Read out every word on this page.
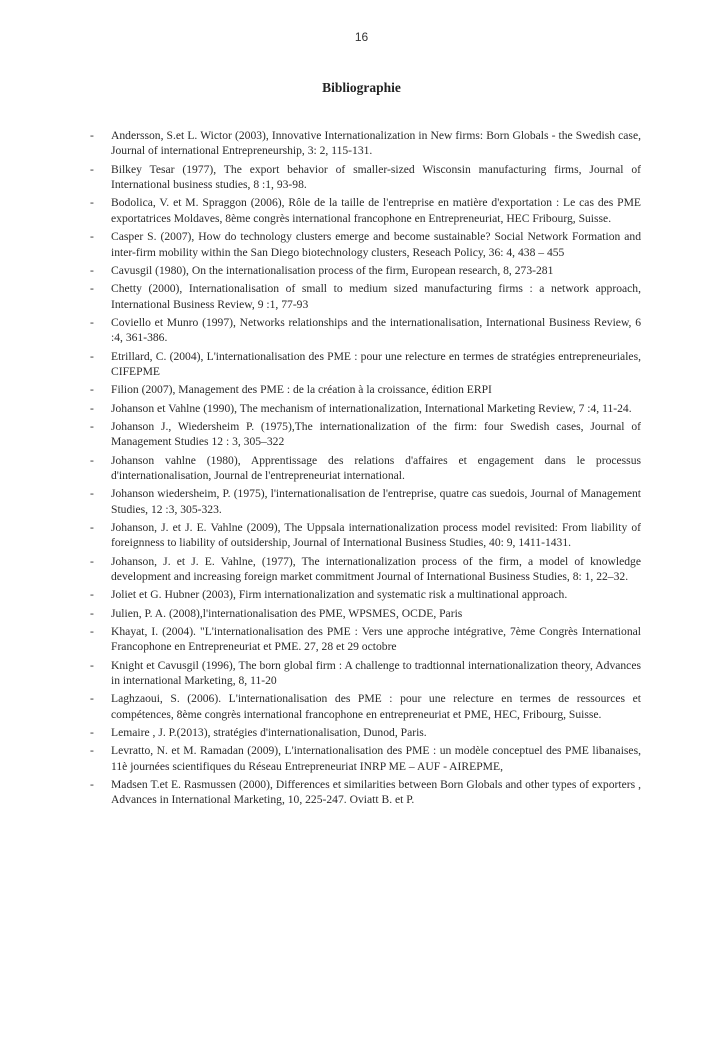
16
Bibliographie
- Andersson, S.et L. Wictor (2003), Innovative Internationalization in New firms: Born Globals - the Swedish case, Journal of international Entrepreneurship, 3: 2, 115-131.
- Bilkey Tesar (1977), The export behavior of smaller-sized Wisconsin manufacturing firms, Journal of International business studies, 8 :1, 93-98.
- Bodolica, V. et M. Spraggon (2006), Rôle de la taille de l'entreprise en matière d'exportation : Le cas des PME exportatrices Moldaves, 8ème congrès international francophone en Entrepreneuriat, HEC Fribourg, Suisse.
- Casper S. (2007), How do technology clusters emerge and become sustainable? Social Network Formation and inter-firm mobility within the San Diego biotechnology clusters, Reseach Policy, 36: 4, 438 – 455
- Cavusgil (1980), On the internationalisation process of the firm, European research, 8, 273-281
- Chetty (2000), Internationalisation of small to medium sized manufacturing firms : a network approach, International Business Review, 9 :1, 77-93
- Coviello et Munro (1997), Networks relationships and the internationalisation, International Business Review, 6 :4, 361-386.
- Etrillard, C. (2004), L'internationalisation des PME : pour une relecture en termes de stratégies entrepreneuriales, CIFEPME
- Filion (2007), Management des PME : de la création à la croissance, édition ERPI
- Johanson et Vahlne (1990), The mechanism of internationalization, International Marketing Review, 7 :4, 11-24.
- Johanson J., Wiedersheim P. (1975),The internationalization of the firm: four Swedish cases, Journal of Management Studies 12 : 3, 305–322
- Johanson vahlne (1980), Apprentissage des relations d'affaires et engagement dans le processus d'internationalisation, Journal de l'entrepreneuriat international.
- Johanson wiedersheim, P. (1975), l'internationalisation de l'entreprise, quatre cas suedois, Journal of Management Studies, 12 :3, 305-323.
- Johanson, J. et J. E. Vahlne (2009), The Uppsala internationalization process model revisited: From liability of foreignness to liability of outsidership, Journal of International Business Studies, 40: 9, 1411-1431.
- Johanson, J. et J. E. Vahlne, (1977), The internationalization process of the firm, a model of knowledge development and increasing foreign market commitment Journal of International Business Studies, 8: 1, 22–32.
- Joliet et G. Hubner (2003), Firm internationalization and systematic risk a multinational approach.
- Julien, P. A. (2008),l'internationalisation des PME, WPSMES, OCDE, Paris
- Khayat, I. (2004). "L'internationalisation des PME : Vers une approche intégrative, 7ème Congrès International Francophone en Entrepreneuriat et PME. 27, 28 et 29 octobre
- Knight et Cavusgil (1996), The born global firm : A challenge to tradtionnal internationalization theory, Advances in international Marketing, 8, 11-20
- Laghzaoui, S. (2006). L'internationalisation des PME : pour une relecture en termes de ressources et compétences, 8ème congrès international francophone en entrepreneuriat et PME, HEC, Fribourg, Suisse.
- Lemaire , J. P.(2013), stratégies d'internationalisation, Dunod, Paris.
- Levratto, N. et M. Ramadan (2009), L'internationalisation des PME : un modèle conceptuel des PME libanaises, 11è journées scientifiques du Réseau Entrepreneuriat INRP ME – AUF - AIREPME,
- Madsen T.et E. Rasmussen (2000), Differences et similarities between Born Globals and other types of exporters , Advances in International Marketing, 10, 225-247. Oviatt B. et P.
